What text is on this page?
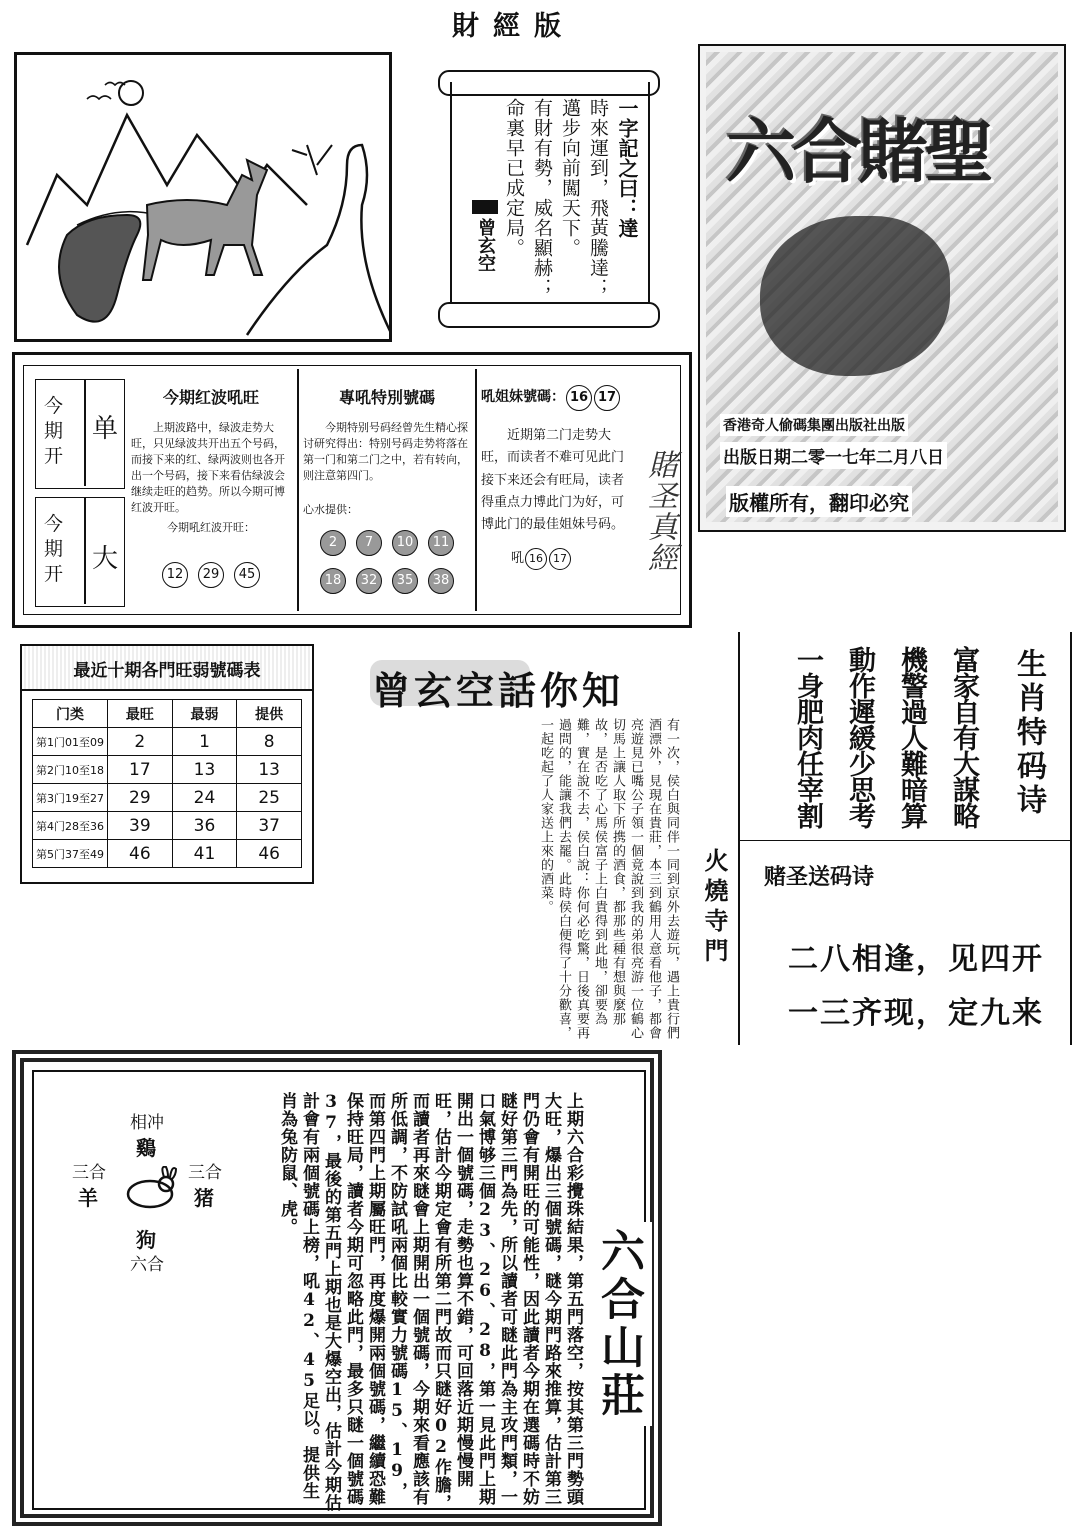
財經版
一字記之曰：達
時來運到，飛黃騰達；
邁步向前闖天下。
有財有勢，威名顯赫；
命裏早已成定局。
曾玄空
六合賭聖
香港奇人偷碼集團出版社出版
出版日期二零一七年二月八日
版權所有，翻印必究
今期开
单
今期开	大
今期红波吼旺
上期波路中，绿波走势大旺，只见绿波共开出五个号码，而接下来的红、绿两波则也各开出一个号码，接下来看估绿波会继续走旺的趋势。所以今期可博红波开旺。
今期吼红波开旺：
12 29 45
專吼特別號碼
今期特别号码经曾先生精心探讨研究得出：特别号码走势将落在第一门和第二门之中，若有转向，则注意第四门。
心水提供：
2 7 10 11
18 32 35 38
吼姐妹號碼： 16 17
近期第二门走势大旺，而读者不难可见此门接下来还会有旺局，读者得重点力博此门为好，可博此门的最佳姐妹号码。
吼 16 17	賭圣真經
最近十期各門旺弱號碼表
门类	最旺	最弱	提供
第1门01至09	2	1	8
第2门10至18	17	13	13
第3门19至27	29	24	25
第4门28至36	39	36	37
第5门37至49	46	41	46
曾玄空話你知
有一次，侯白與同伴一同到京外去遊玩，遇上貴行們酒漂外，見現在貴莊，本三到鶴用人意看他子，都會亮遊見已嘴公子領一個竟說到我的弟很亮游一位鶴心切馬上讓人取下所携的酒食，都那些種有想與麼那故，是否吃了心馬侯富子上白貴得到此地，卻要為難，實在說不去，侯白說：你何必吃驚，日後真要再過問的，能讓我們去罷。此時侯白便得了十分歡喜，一起吃起了人家送上來的酒菜。	火燒寺門
生肖特码诗
富家自有大謀略
機警過人難暗算
動作遲緩少思考
一身肥肉任宰割
赌圣送码诗
二八相逢，见四开
一三齐现，定九来
上期六合彩攪珠結果，第五門落空，按其第三門勢頭大旺，爆出三個號碼，瞇今期門路來推算，估計第三門仍會有開旺的可能性，因此讀者今期在選碼時不妨瞇好第三門為先，所以讀者可瞇此門為主攻門類，一口氣博够三個23、26、28，第一見此門上期開出一個號碼，走勢也算不錯，可回落近期慢慢開旺，估計今期定會有所第二門故而只瞇好02作膽，而讀者再來瞇會上期開出一個號碼，今期來看應該有所低調，不防試吼兩個比較實力號碼15、19，而第四門上期屬旺門，再度爆開兩個號碼，繼續恐難保持旺局，讀者今期可忽略此門，最多只瞇一個號碼37，最後的第五門上期也是大爆空出，估計今期估計會有兩個號碼上榜，吼42、45足以。提供生肖為兔防鼠、虎。
相冲
鷄
三合
羊
三合
猪
狗
六合	六合山莊
